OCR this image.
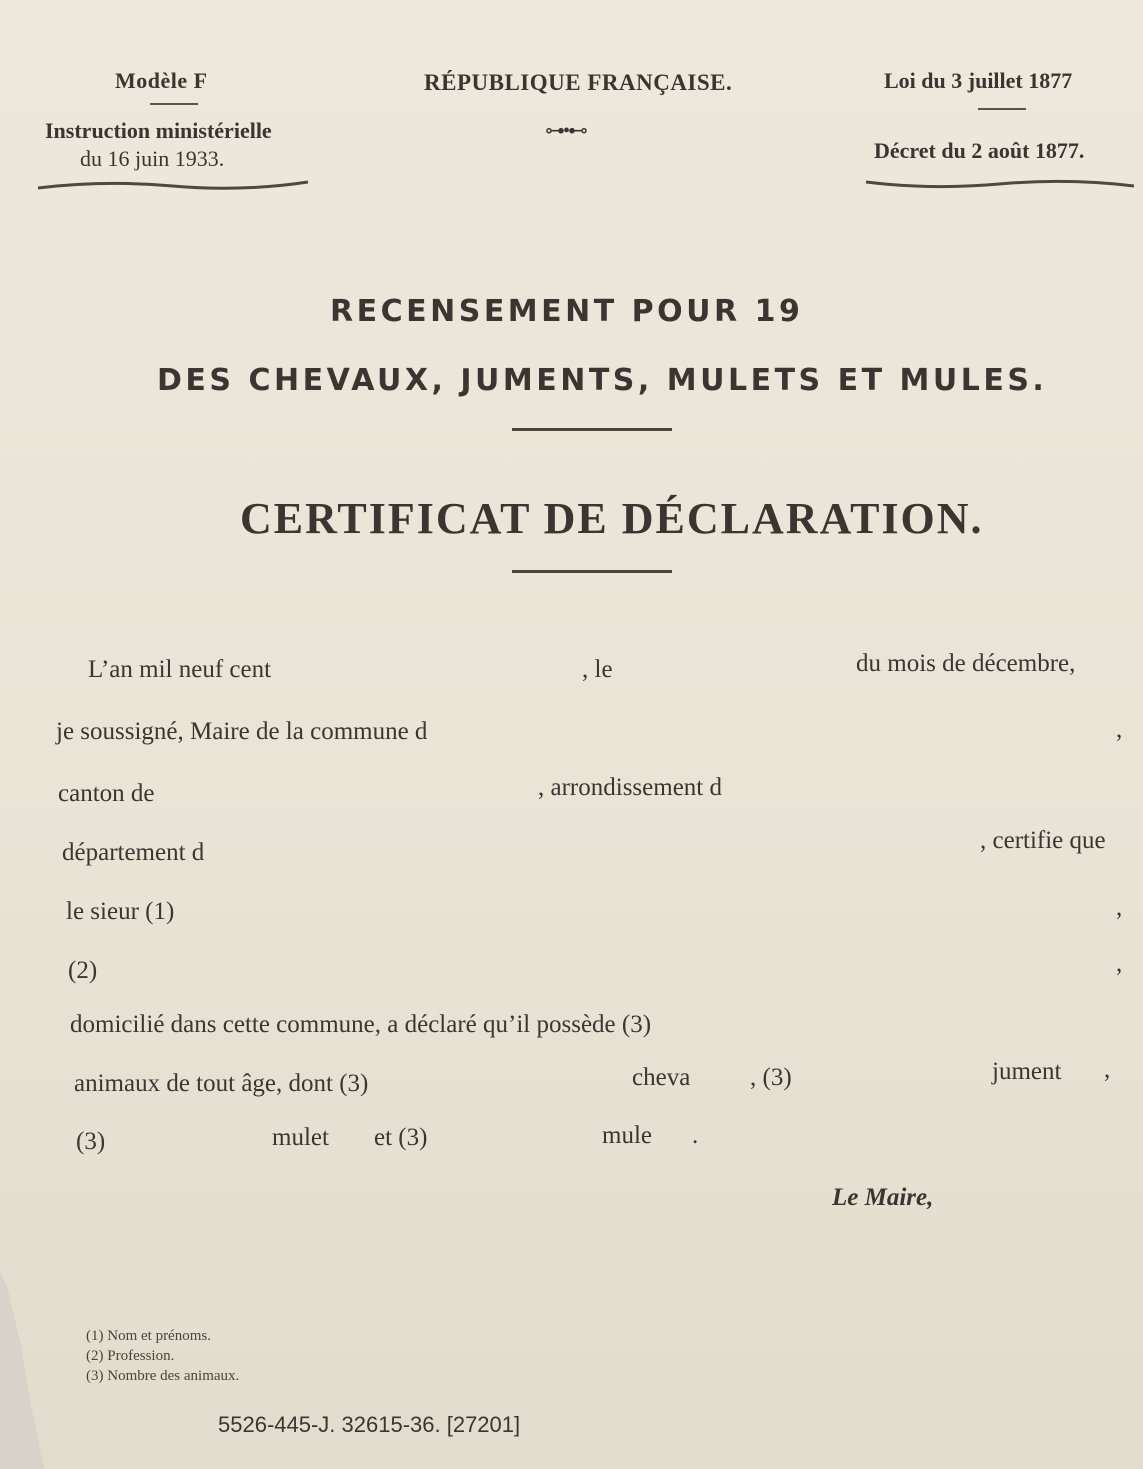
Modèle F
Instruction ministérielle
du 16 juin 1933.
RÉPUBLIQUE FRANÇAISE.
⊶•⊷
Loi du 3 juillet 1877
Décret du 2 août 1877.
RECENSEMENT POUR 19
DES CHEVAUX, JUMENTS, MULETS ET MULES.
CERTIFICAT DE DÉCLARATION.
L’an mil neuf cent	, le	du mois de décembre,
je soussigné, Maire de la commune d	,
canton de	, arrondissement d
département d	, certifie que
le sieur (1)	,
(2)	,
domicilié dans cette commune, a déclaré qu’il possède (3)
animaux de tout âge, dont (3)	cheva , (3)	jument ,
(3)	mulet et (3)	mule .
Le Maire,
(1) Nom et prénoms.
(2) Profession.
(3) Nombre des animaux.
5526-445-J. 32615-36. [27201]
